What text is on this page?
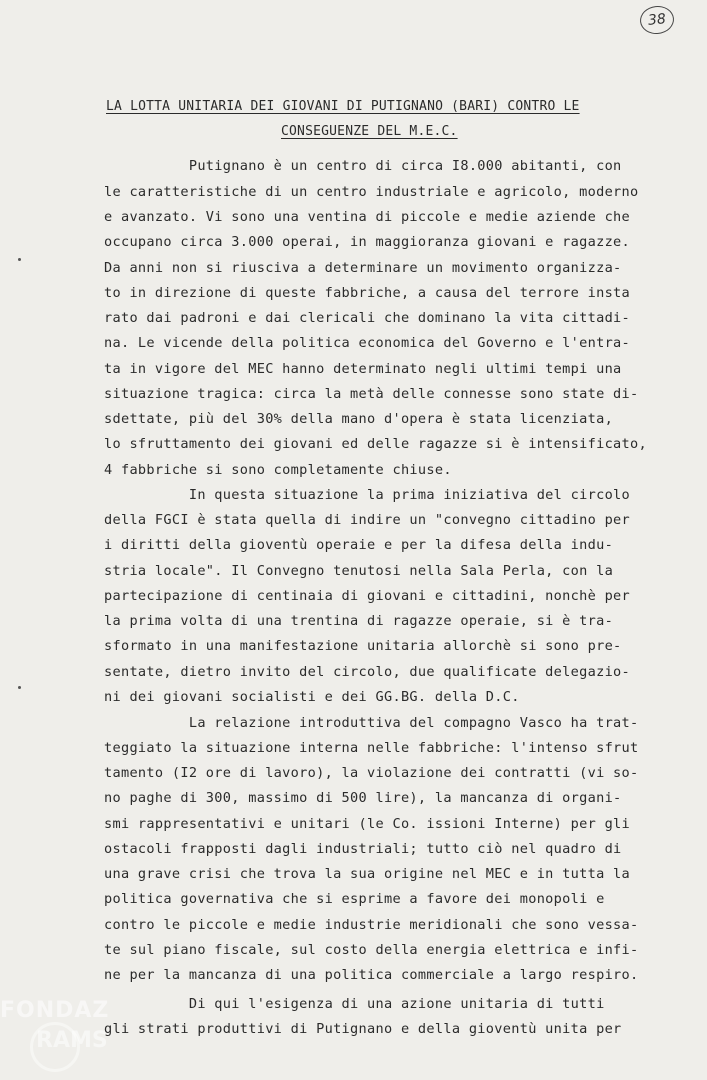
38
LA LOTTA UNITARIA DEI GIOVANI DI PUTIGNANO (BARI) CONTRO LE
CONSEGUENZE DEL M.E.C.

Putignano è un centro di circa I8.000 abitanti, con

le caratteristiche di un centro industriale e agricolo, moderno

e avanzato. Vi sono una ventina di piccole e medie aziende che

occupano circa 3.000 operai, in maggioranza giovani e ragazze.

Da anni non si riusciva a determinare un movimento organizza-

to in direzione di queste fabbriche, a causa del terrore insta

rato dai padroni e dai clericali che dominano la vita cittadi-

na. Le vicende della politica economica del Governo e l'entra-

ta in vigore del MEC hanno determinato negli ultimi tempi una

situazione tragica: circa la metà delle connesse sono state di-

sdettate, più del 30% della mano d'opera è stata licenziata,

lo sfruttamento dei giovani ed delle ragazze si è intensificato,

4 fabbriche si sono completamente chiuse.

In questa situazione la prima iniziativa del circolo

della FGCI è stata quella di indire un "convegno cittadino per

i diritti della gioventù operaie e per la difesa della indu-

stria locale". Il Convegno tenutosi nella Sala Perla, con la

partecipazione di centinaia di giovani e cittadini, nonchè per

la prima volta di una trentina di ragazze operaie, si è tra-

sformato in una manifestazione unitaria allorchè si sono pre-

sentate, dietro invito del circolo, due qualificate delegazio-

ni dei giovani socialisti e dei GG.BG. della D.C.

La relazione introduttiva del compagno Vasco ha trat-

teggiato la situazione interna nelle fabbriche: l'intenso sfrut

tamento (I2 ore di lavoro), la violazione dei contratti (vi so-

no paghe di 300, massimo di 500 lire), la mancanza di organi-

smi rappresentativi e unitari (le Co. issioni Interne) per gli

ostacoli frapposti dagli industriali; tutto ciò nel quadro di

una grave crisi che trova la sua origine nel MEC e in tutta la

politica governativa che si esprime a favore dei monopoli e

contro le piccole e medie industrie meridionali che sono vessa-

te sul piano fiscale, sul costo della energia elettrica e infi-

ne per la mancanza di una politica commerciale a largo respiro.

Di qui l'esigenza di una azione unitaria di tutti

gli strati produttivi di Putignano e della gioventù unita per

FONDAZ
RAMS
